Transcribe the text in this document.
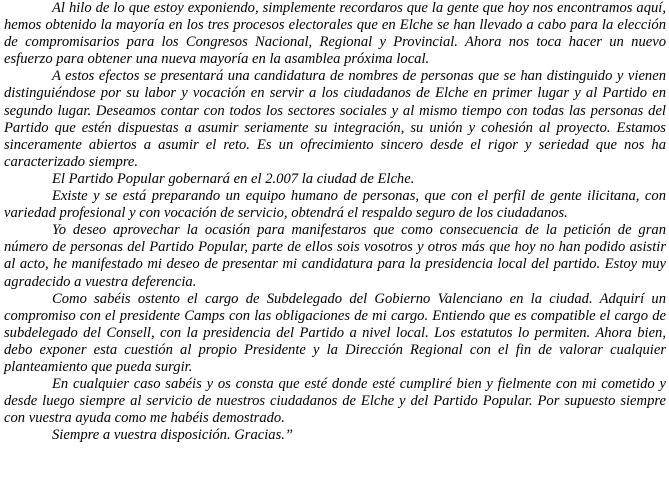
Al hilo de lo que estoy exponiendo, simplemente recordaros que la gente que hoy nos encontramos aquí, hemos obtenido la mayoría en los tres procesos electorales que en Elche se han llevado a cabo para la elección de compromisarios para los Congresos Nacional, Regional y Provincial. Ahora nos toca hacer un nuevo esfuerzo para obtener una nueva mayoría en la asamblea próxima local.

A estos efectos se presentará una candidatura de nombres de personas que se han distinguido y vienen distinguiéndose por su labor y vocación en servir a los ciudadanos de Elche en primer lugar y al Partido en segundo lugar. Deseamos contar con todos los sectores sociales y al mismo tiempo con todas las personas del Partido que estén dispuestas a asumir seriamente su integración, su unión y cohesión al proyecto. Estamos sinceramente abiertos a asumir el reto. Es un ofrecimiento sincero desde el rigor y seriedad que nos ha caracterizado siempre.

El Partido Popular gobernará en el 2.007 la ciudad de Elche.

Existe y se está preparando un equipo humano de personas, que con el perfil de gente ilicitana, con variedad profesional y con vocación de servicio, obtendrá el respaldo seguro de los ciudadanos.

Yo deseo aprovechar la ocasión para manifestaros que como consecuencia de la petición de gran número de personas del Partido Popular, parte de ellos sois vosotros y otros más que hoy no han podido asistir al acto, he manifestado mi deseo de presentar mi candidatura para la presidencia local del partido. Estoy muy agradecido a vuestra deferencia.

Como sabéis ostento el cargo de Subdelegado del Gobierno Valenciano en la ciudad. Adquirí un compromiso con el presidente Camps con las obligaciones de mi cargo. Entiendo que es compatible el cargo de subdelegado del Consell, con la presidencia del Partido a nivel local. Los estatutos lo permiten. Ahora bien, debo exponer esta cuestión al propio Presidente y la Dirección Regional con el fin de valorar cualquier planteamiento que pueda surgir.

En cualquier caso sabéis y os consta que esté donde esté cumpliré bien y fielmente con mi cometido y desde luego siempre al servicio de nuestros ciudadanos de Elche y del Partido Popular. Por supuesto siempre con vuestra ayuda como me habéis demostrado.

Siempre a vuestra disposición. Gracias.”
